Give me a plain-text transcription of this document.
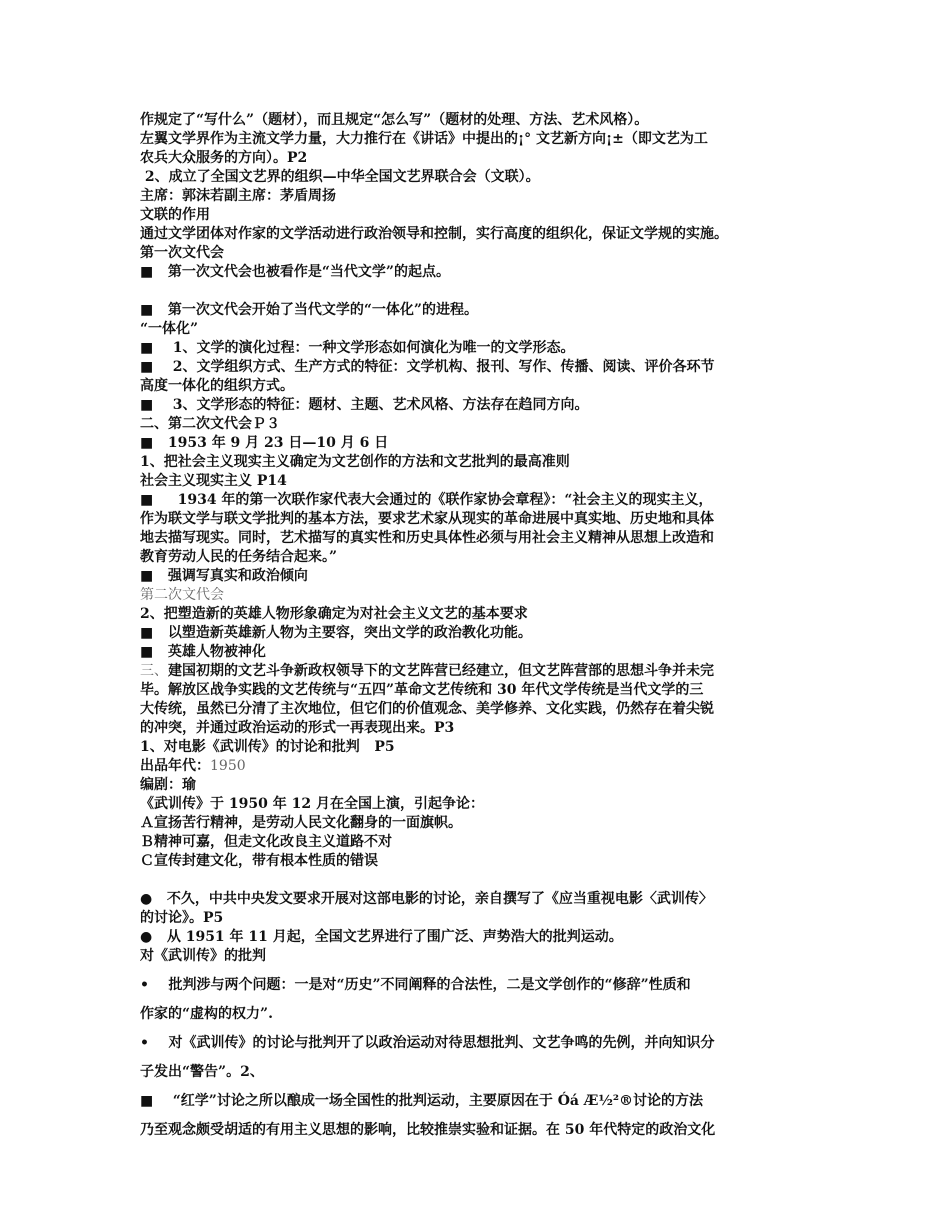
作规定了“写什么”（题材），而且规定“怎么写”（题材的处理、方法、艺术风格）。
左翼文学界作为主流文学力量，大力推行在《讲话》中提出的¡° 文艺新方向¡±（即文艺为工
农兵大众服务的方向）。P2
2、成立了全国文艺界的组织—中华全国文艺界联合会（文联）。
主席：郭沫若副主席：茅盾周扬
文联的作用
通过文学团体对作家的文学活动进行政治领导和控制，实行高度的组织化，保证文学规的实施。
第一次文代会
■   第一次文代会也被看作是“当代文学”的起点。
■   第一次文代会开始了当代文学的“一体化”的进程。
“一体化”
■    1、文学的演化过程：一种文学形态如何演化为唯一的文学形态。
■    2、文学组织方式、生产方式的特征：文学机构、报刊、写作、传播、阅读、评价各环节
高度一体化的组织方式。
■    3、文学形态的特征：题材、主题、艺术风格、方法存在趋同方向。
二、第二次文代会Ｐ３
■   1953 年 9 月 23 日—10 月 6 日
1、把社会主义现实主义确定为文艺创作的方法和文艺批判的最高准则
社会主义现实主义 P14
■     1934 年的第一次联作家代表大会通过的《联作家协会章程》：“社会主义的现实主义，
作为联文学与联文学批判的基本方法，要求艺术家从现实的革命进展中真实地、历史地和具体
地去描写现实。同时，艺术描写的真实性和历史具体性必须与用社会主义精神从思想上改造和
教育劳动人民的任务结合起来。”
■   强调写真实和政治倾向
第二次文代会
2、把塑造新的英雄人物形象确定为对社会主义文艺的基本要求
■   以塑造新英雄新人物为主要容，突出文学的政治教化功能。
■   英雄人物被神化
三、建国初期的文艺斗争新政权领导下的文艺阵营已经建立，但文艺阵营部的思想斗争并未完
毕。解放区战争实践的文艺传统与“五四”革命文艺传统和 30 年代文学传统是当代文学的三
大传统，虽然已分清了主次地位，但它们的价值观念、美学修养、文化实践，仍然存在着尖锐
的冲突，并通过政治运动的形式一再表现出来。P3
1、对电影《武训传》的讨论和批判   P5
出品年代：1950
编剧：瑜
《武训传》于 1950 年 12 月在全国上演，引起争论：
Ａ宣扬苦行精神，是劳动人民文化翻身的一面旗帜。
Ｂ精神可嘉，但走文化改良主义道路不对
Ｃ宣传封建文化，带有根本性质的错误
●   不久，中共中央发文要求开展对这部电影的讨论，亲自撰写了《应当重视电影〈武训传〉
的讨论》。P5
●   从 1951 年 11 月起，全国文艺界进行了围广泛、声势浩大的批判运动。
对《武训传》的批判
•    批判涉与两个问题：一是对“历史”不同阐释的合法性，二是文学创作的“修辞”性质和
作家的“虚构的权力”.
•    对《武训传》的讨论与批判开了以政治运动对待思想批判、文艺争鸣的先例，并向知识分
子发出“警告”。2、
■    “红学”讨论之所以酿成一场全国性的批判运动，主要原因在于 Óá Æ½²®讨论的方法
乃至观念颇受胡适的有用主义思想的影响，比较推崇实验和证据。在 50 年代特定的政治文化
